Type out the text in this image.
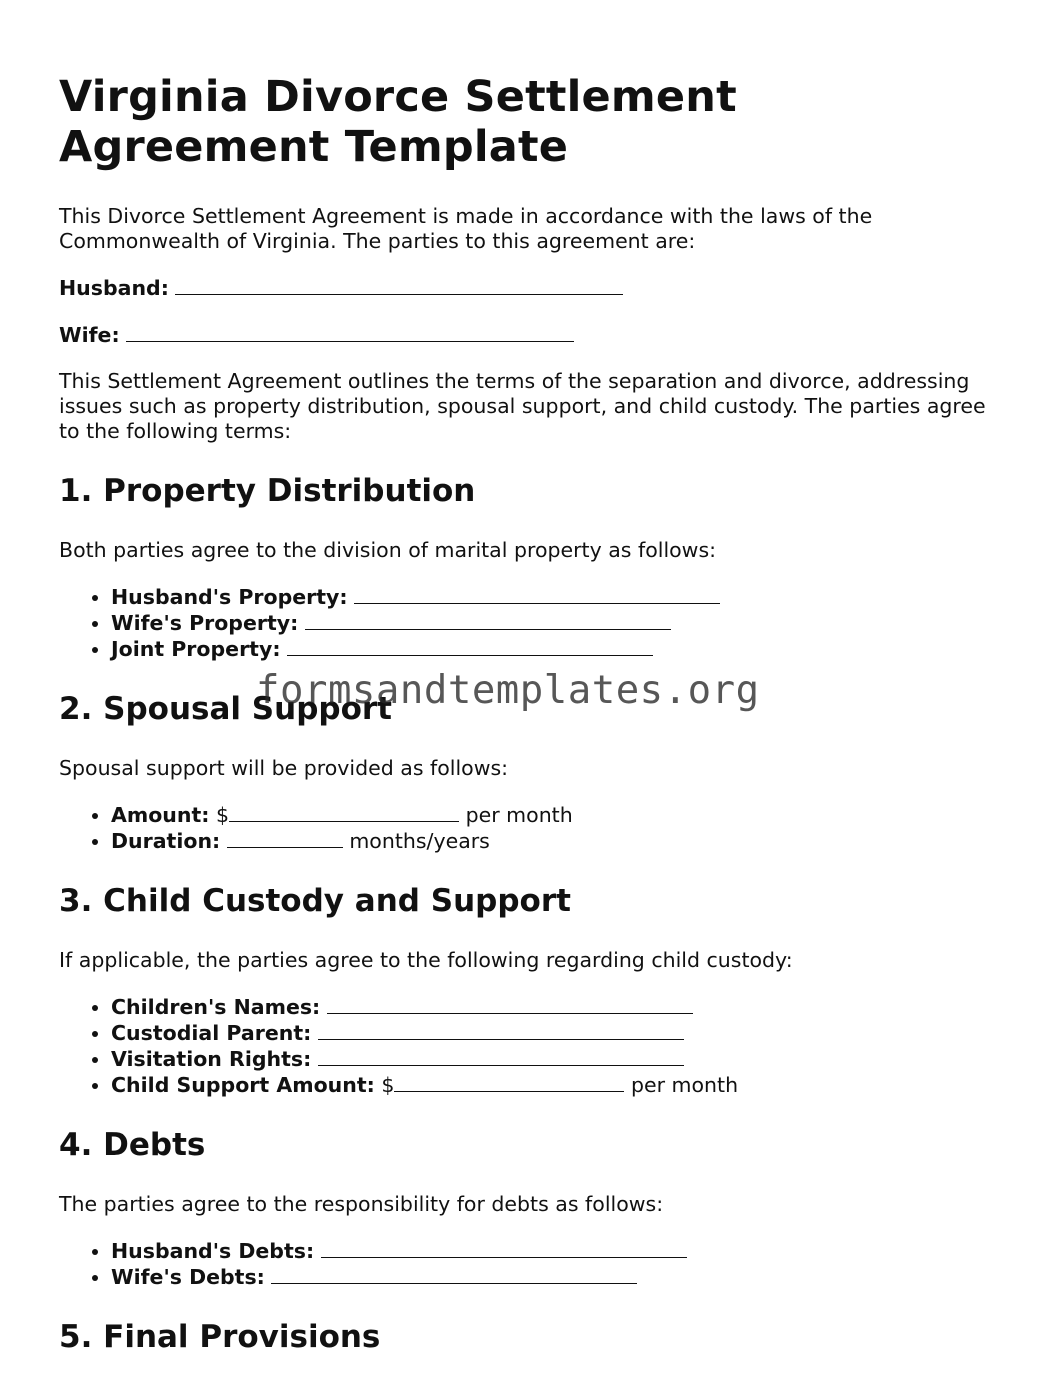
Virginia Divorce Settlement Agreement Template

This Divorce Settlement Agreement is made in accordance with the laws of the Commonwealth of Virginia. The parties to this agreement are:

Husband:
Wife:

This Settlement Agreement outlines the terms of the separation and divorce, addressing issues such as property distribution, spousal support, and child custody. The parties agree to the following terms:

1. Property Distribution

Both parties agree to the division of marital property as follows:

• Husband's Property:
• Wife's Property:
• Joint Property:
2. Spousal Support

Spousal support will be provided as follows:

• Amount: $	per month
• Duration:	months/years
3. Child Custody and Support

If applicable, the parties agree to the following regarding child custody:

• Children's Names:
• Custodial Parent:
• Visitation Rights:
• Child Support Amount: $	per month
4. Debts

The parties agree to the responsibility for debts as follows:

• Husband's Debts:
• Wife's Debts:
5. Final Provisions
formsandtemplates.org
